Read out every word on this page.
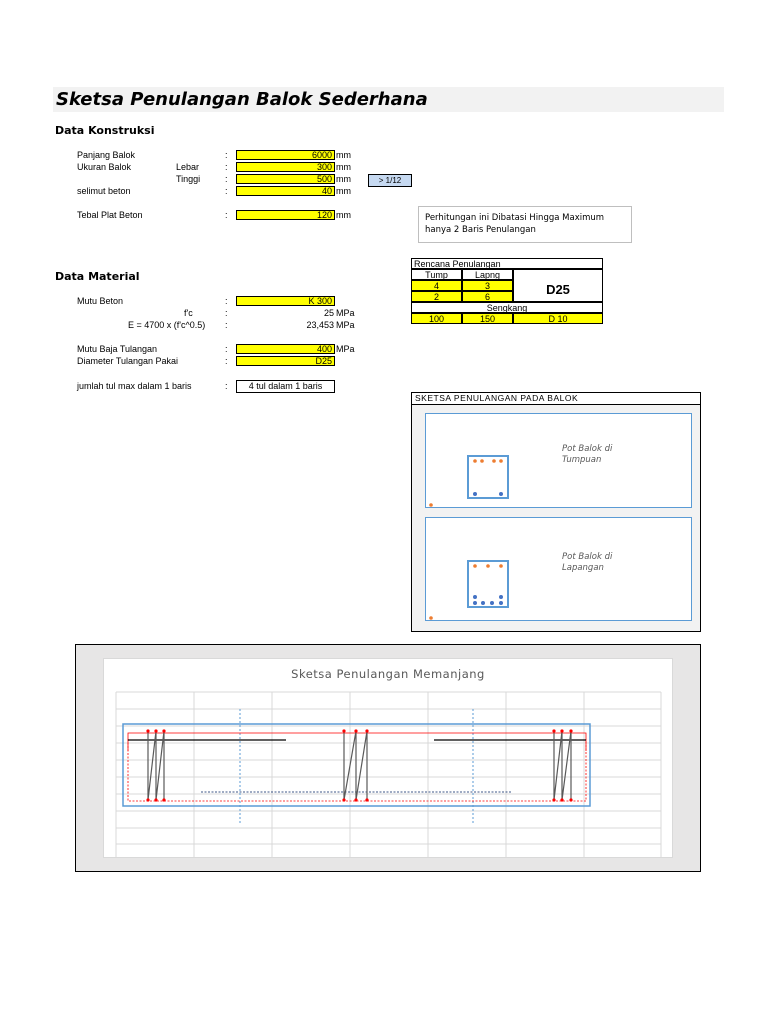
Sketsa Penulangan Balok Sederhana
Data Konstruksi
Panjang Balok	:	6000 mm
Ukuran Balok	Lebar	:	300 mm
Tinggi	:	500 mm	> 1/12
selimut beton	:	40 mm
Tebal Plat Beton	:	120 mm	Perhitungan ini Dibatasi Hingga Maximum hanya 2 Baris Penulangan
Data Material
Mutu Beton	:	K 300
f'c	:	25 MPa
E = 4700 x (f'c^0.5) :	23,453 MPa
Mutu Baja Tulangan	:	400 MPa
Diameter Tulangan Pakai	:	D25
jumlah tul max dalam 1 baris	:	4 tul dalam 1 baris
Rencana Penulangan
Tump	Lapng
4	3
2	6	D25
Sengkang
100	150	D 10
SKETSA PENULANGAN PADA BALOK
Pot Balok di Tumpuan
Pot Balok di Lapangan
Sketsa Penulangan Memanjang
